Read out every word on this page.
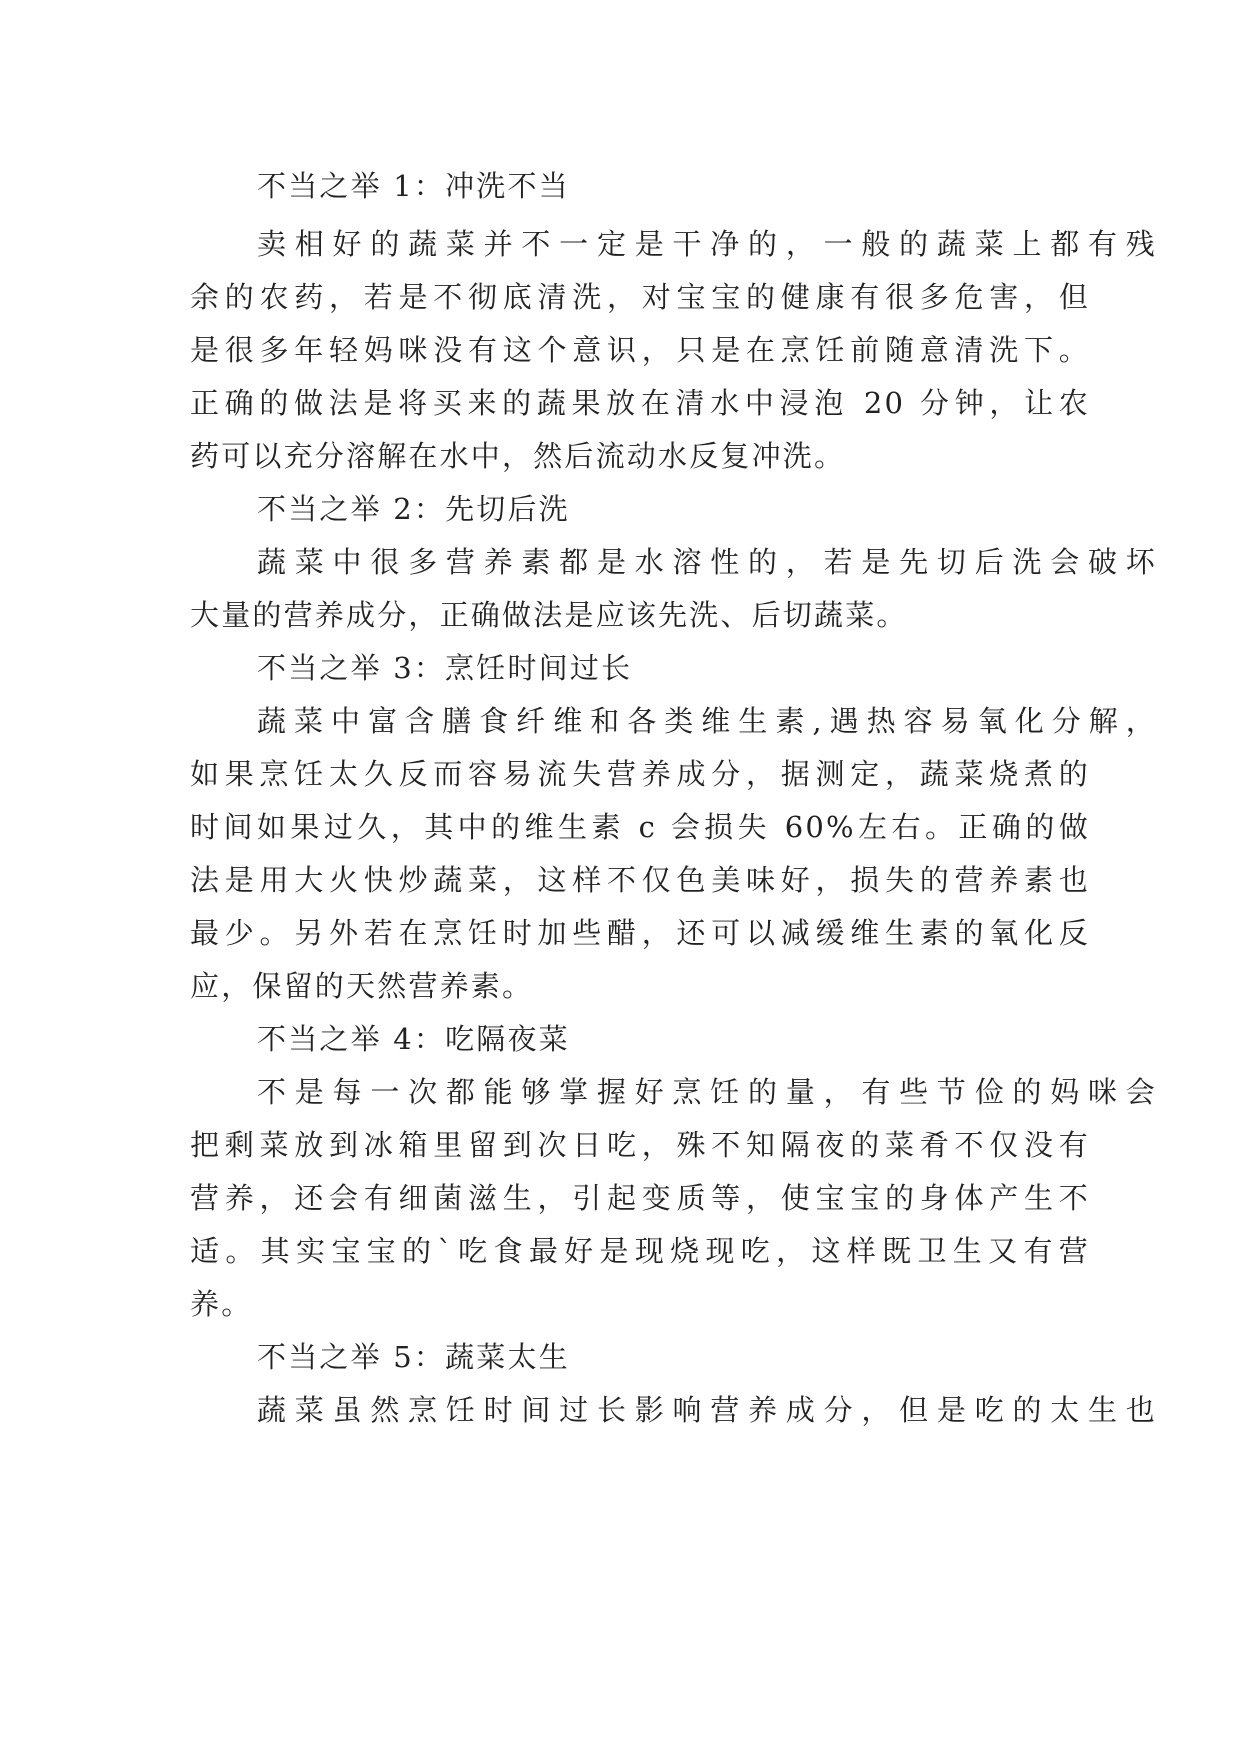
不当之举 1：冲洗不当
卖相好的蔬菜并不一定是干净的，一般的蔬菜上都有残
余的农药，若是不彻底清洗，对宝宝的健康有很多危害，但
是很多年轻妈咪没有这个意识，只是在烹饪前随意清洗下。
正确的做法是将买来的蔬果放在清水中浸泡 20 分钟，让农
药可以充分溶解在水中，然后流动水反复冲洗。
不当之举 2：先切后洗
蔬菜中很多营养素都是水溶性的，若是先切后洗会破坏
大量的营养成分，正确做法是应该先洗、后切蔬菜。
不当之举 3：烹饪时间过长
蔬菜中富含膳食纤维和各类维生素,遇热容易氧化分解，
如果烹饪太久反而容易流失营养成分，据测定，蔬菜烧煮的
时间如果过久，其中的维生素 c 会损失 60%左右。正确的做
法是用大火快炒蔬菜，这样不仅色美味好，损失的营养素也
最少。另外若在烹饪时加些醋，还可以减缓维生素的氧化反
应，保留的天然营养素。
不当之举 4：吃隔夜菜
不是每一次都能够掌握好烹饪的量，有些节俭的妈咪会
把剩菜放到冰箱里留到次日吃，殊不知隔夜的菜肴不仅没有
营养，还会有细菌滋生，引起变质等，使宝宝的身体产生不
适。其实宝宝的`吃食最好是现烧现吃，这样既卫生又有营
养。
不当之举 5：蔬菜太生
蔬菜虽然烹饪时间过长影响营养成分，但是吃的太生也
